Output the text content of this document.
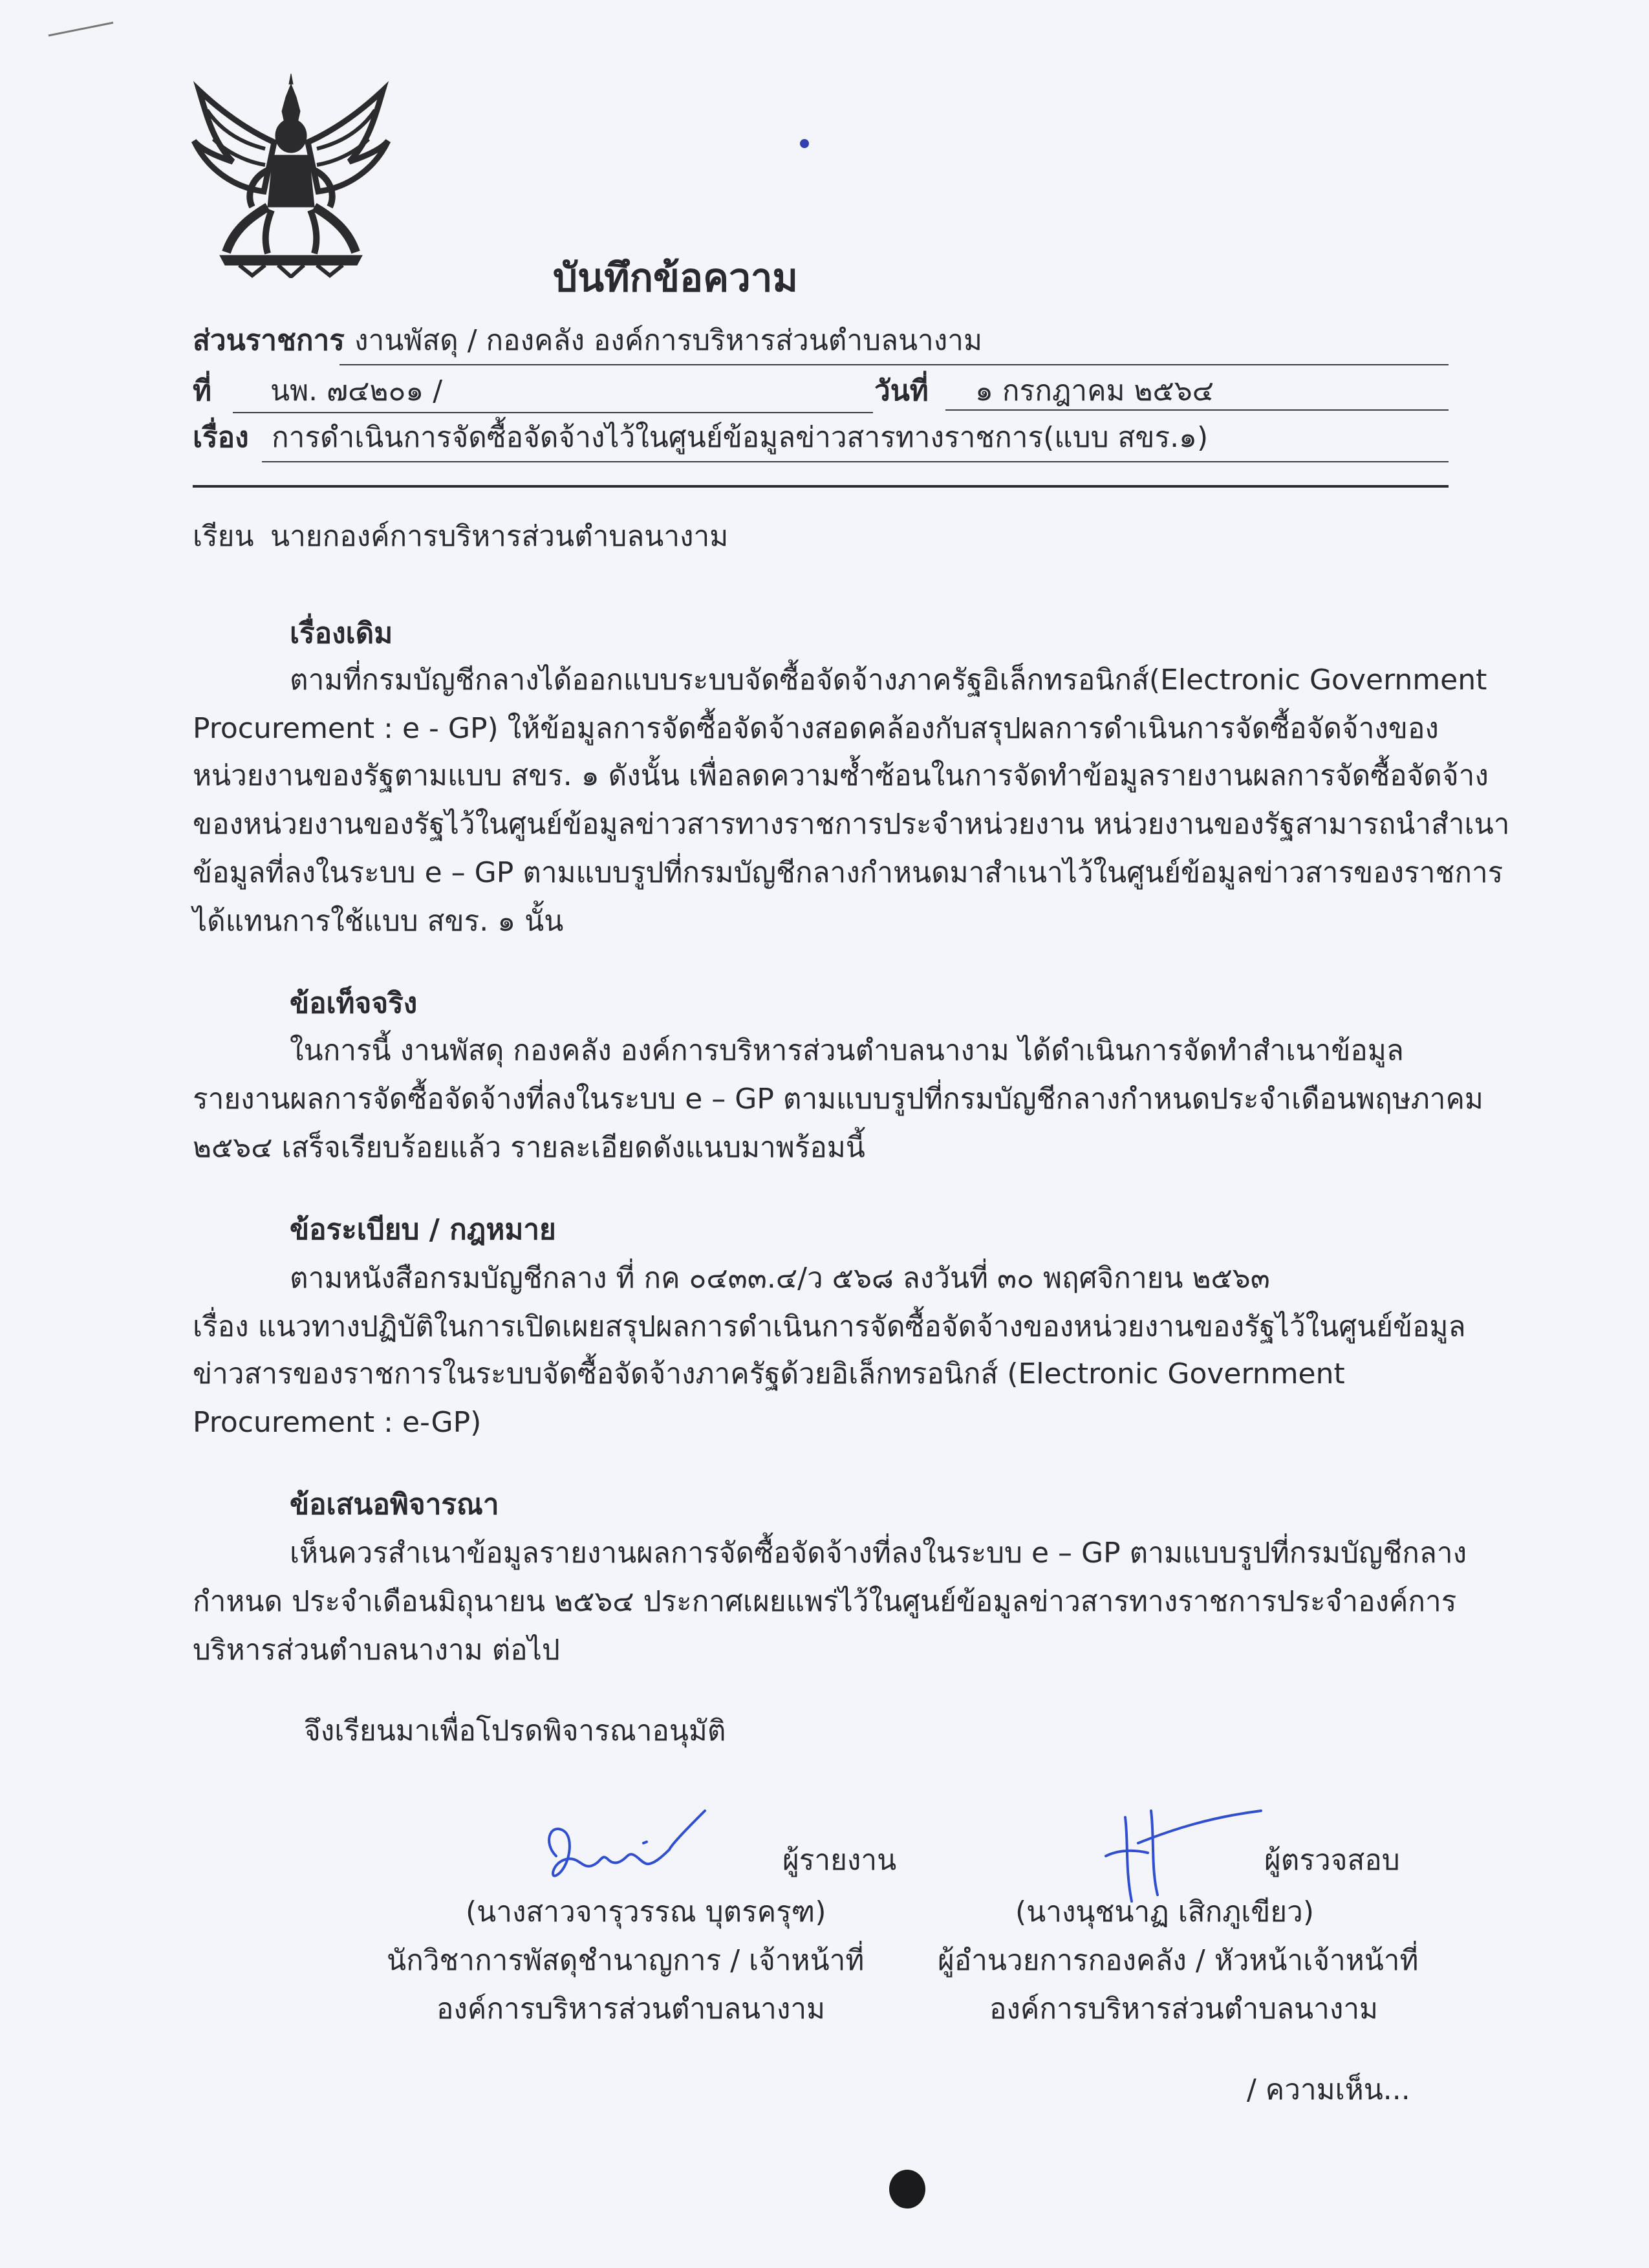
บันทึกข้อความ
ส่วนราชการ งานพัสดุ / กองคลัง องค์การบริหารส่วนตำบลนางาม
ที่ นพ. ๗๔๒๐๑ /	วันที่ ๑ กรกฎาคม ๒๕๖๔
เรื่อง การดำเนินการจัดซื้อจัดจ้างไว้ในศูนย์ข้อมูลข่าวสารทางราชการ(แบบ สขร.๑)
เรียน นายกองค์การบริหารส่วนตำบลนางาม
เรื่องเดิม
ตามที่กรมบัญชีกลางได้ออกแบบระบบจัดซื้อจัดจ้างภาครัฐอิเล็กทรอนิกส์(Electronic Government
Procurement : e - GP) ให้ข้อมูลการจัดซื้อจัดจ้างสอดคล้องกับสรุปผลการดำเนินการจัดซื้อจัดจ้างของ
หน่วยงานของรัฐตามแบบ สขร. ๑ ดังนั้น เพื่อลดความซ้ำซ้อนในการจัดทำข้อมูลรายงานผลการจัดซื้อจัดจ้าง
ของหน่วยงานของรัฐไว้ในศูนย์ข้อมูลข่าวสารทางราชการประจำหน่วยงาน หน่วยงานของรัฐสามารถนำสำเนา
ข้อมูลที่ลงในระบบ e – GP ตามแบบรูปที่กรมบัญชีกลางกำหนดมาสำเนาไว้ในศูนย์ข้อมูลข่าวสารของราชการ
ได้แทนการใช้แบบ สขร. ๑ นั้น
ข้อเท็จจริง
ในการนี้ งานพัสดุ กองคลัง องค์การบริหารส่วนตำบลนางาม ได้ดำเนินการจัดทำสำเนาข้อมูล
รายงานผลการจัดซื้อจัดจ้างที่ลงในระบบ e – GP ตามแบบรูปที่กรมบัญชีกลางกำหนดประจำเดือนพฤษภาคม
๒๕๖๔ เสร็จเรียบร้อยแล้ว รายละเอียดดังแนบมาพร้อมนี้
ข้อระเบียบ / กฎหมาย
ตามหนังสือกรมบัญชีกลาง ที่ กค ๐๔๓๓.๔/ว ๕๖๘ ลงวันที่ ๓๐ พฤศจิกายน ๒๕๖๓
เรื่อง แนวทางปฏิบัติในการเปิดเผยสรุปผลการดำเนินการจัดซื้อจัดจ้างของหน่วยงานของรัฐไว้ในศูนย์ข้อมูล
ข่าวสารของราชการในระบบจัดซื้อจัดจ้างภาครัฐด้วยอิเล็กทรอนิกส์ (Electronic Government
Procurement : e-GP)
ข้อเสนอพิจารณา
เห็นควรสำเนาข้อมูลรายงานผลการจัดซื้อจัดจ้างที่ลงในระบบ e – GP ตามแบบรูปที่กรมบัญชีกลาง
กำหนด ประจำเดือนมิถุนายน ๒๕๖๔ ประกาศเผยแพร่ไว้ในศูนย์ข้อมูลข่าวสารทางราชการประจำองค์การ
บริหารส่วนตำบลนางาม ต่อไป
จึงเรียนมาเพื่อโปรดพิจารณาอนุมัติ
ผู้รายงาน
(นางสาวจารุวรรณ บุตรครุฑ)
นักวิชาการพัสดุชำนาญการ / เจ้าหน้าที่
องค์การบริหารส่วนตำบลนางาม
ผู้ตรวจสอบ
(นางนุชนาฏ เสิกภูเขียว)
ผู้อำนวยการกองคลัง / หัวหน้าเจ้าหน้าที่
องค์การบริหารส่วนตำบลนางาม
/ ความเห็น...
